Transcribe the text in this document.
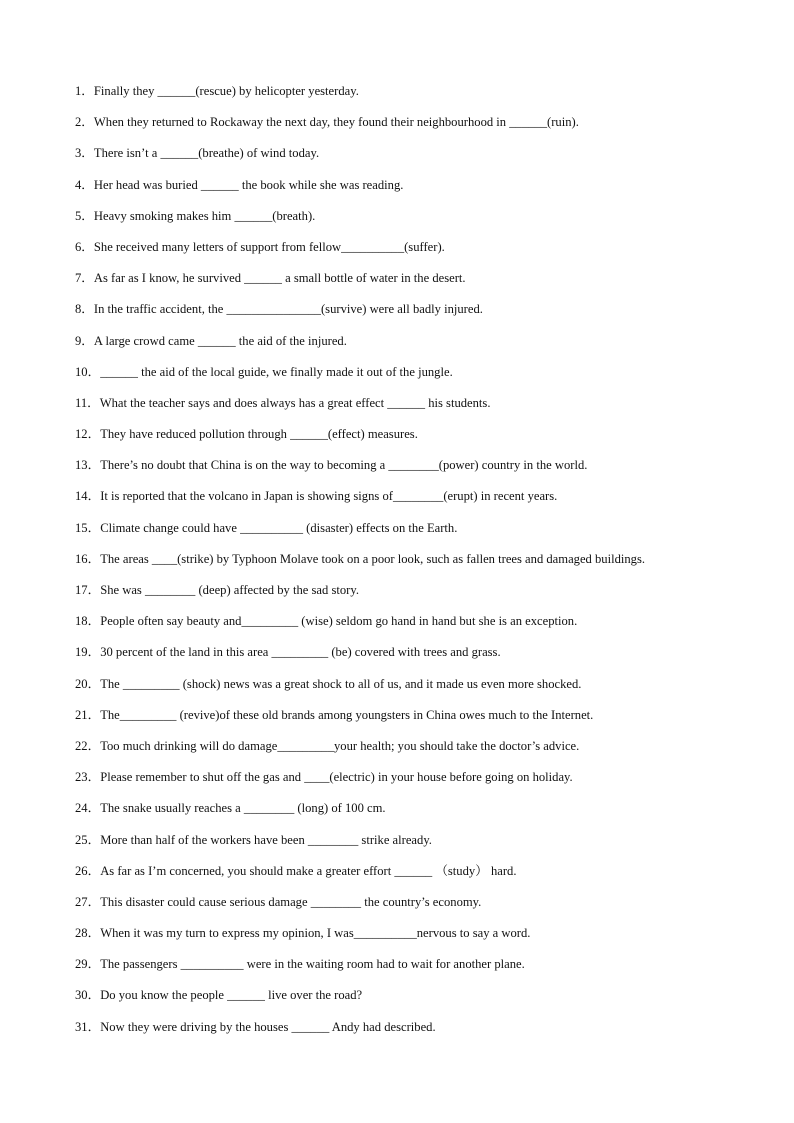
1．Finally they ______(rescue) by helicopter yesterday.
2．When they returned to Rockaway the next day, they found their neighbourhood in ______(ruin).
3．There isn’t a ______(breathe) of wind today.
4．Her head was buried ______ the book while she was reading.
5．Heavy smoking makes him ______(breath).
6．She received many letters of support from fellow__________(suffer).
7．As far as I know, he survived ______ a small bottle of water in the desert.
8．In the traffic accident, the _______________(survive) were all badly injured.
9．A large crowd came ______ the aid of the injured.
10．______ the aid of the local guide, we finally made it out of the jungle.
11．What the teacher says and does always has a great effect ______ his students.
12．They have reduced pollution through ______(effect) measures.
13．There’s no doubt that China is on the way to becoming a ________(power) country in the world.
14．It is reported that the volcano in Japan is showing signs of________(erupt) in recent years.
15．Climate change could have __________ (disaster) effects on the Earth.
16．The areas ____(strike) by Typhoon Molave took on a poor look, such as fallen trees and damaged buildings.
17．She was ________ (deep) affected by the sad story.
18．People often say beauty and_________ (wise) seldom go hand in hand but she is an exception.
19．30 percent of the land in this area _________ (be) covered with trees and grass.
20．The _________ (shock) news was a great shock to all of us, and it made us even more shocked.
21．The_________ (revive)of these old brands among youngsters in China owes much to the Internet.
22．Too much drinking will do damage_________your health; you should take the doctor’s advice.
23．Please remember to shut off the gas and ____(electric) in your house before going on holiday.
24．The snake usually reaches a ________ (long) of 100 cm.
25．More than half of the workers have been ________ strike already.
26．As far as I’m concerned, you should make a greater effort ______ （study） hard.
27．This disaster could cause serious damage ________ the country’s economy.
28．When it was my turn to express my opinion, I was__________nervous to say a word.
29．The passengers __________ were in the waiting room had to wait for another plane.
30．Do you know the people ______ live over the road?
31．Now they were driving by the houses ______ Andy had described.
